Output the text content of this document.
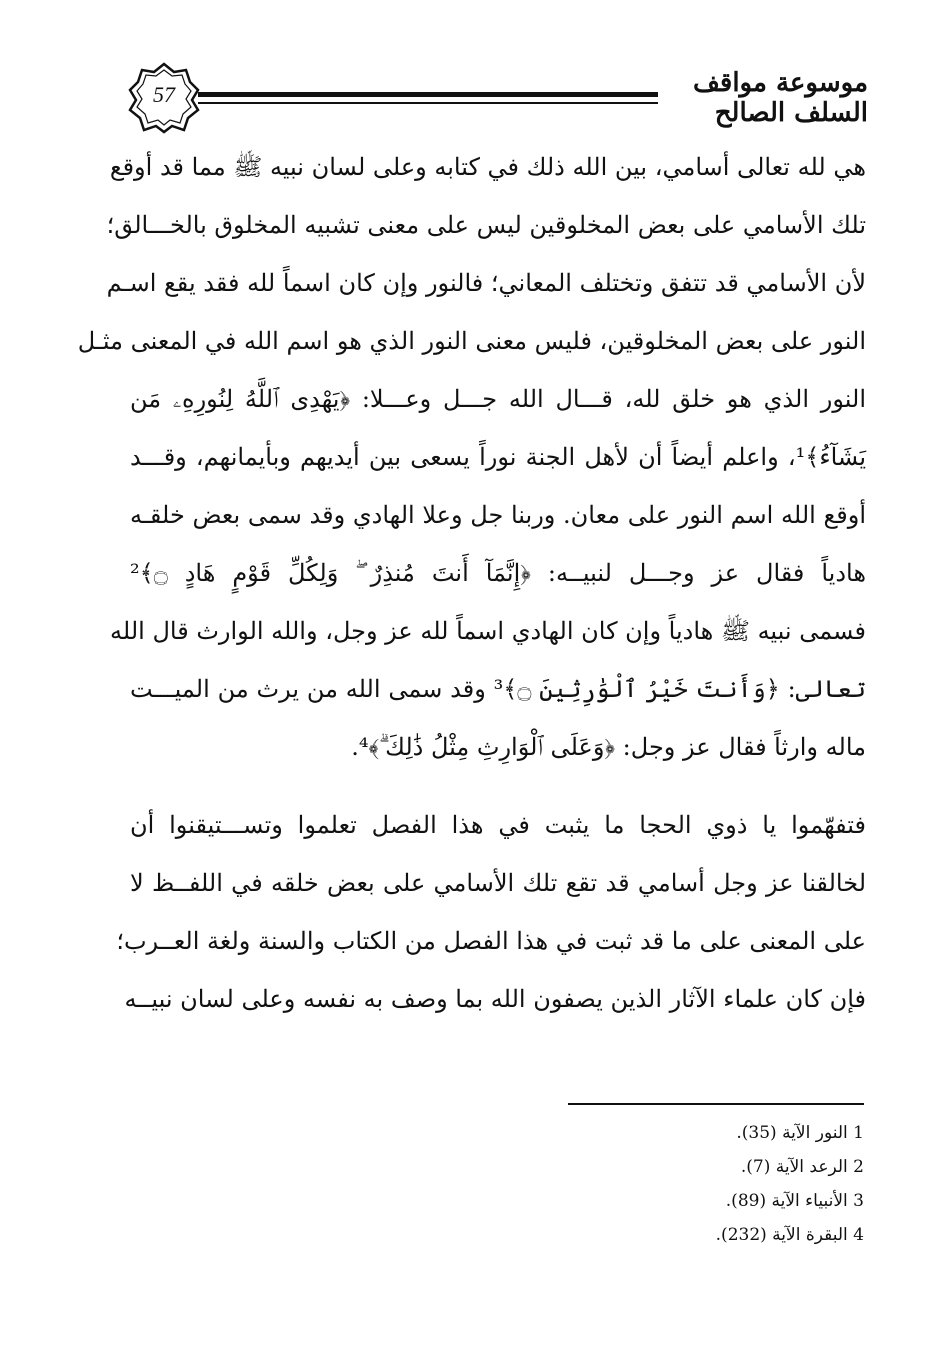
57	موسوعة مواقف السلف الصالح
هي لله تعالى أسامي، بين الله ذلك في كتابه وعلى لسان نبيه ﷺ مما قد أوقع
تلك الأسامي على بعض المخلوقين ليس على معنى تشبيه المخلوق بالخـــالق؛
لأن الأسامي قد تتفق وتختلف المعاني؛ فالنور وإن كان اسماً لله فقد يقع اسـم
النور على بعض المخلوقين، فليس معنى النور الذي هو اسم الله في المعنى مثـل
النور الذي هو خلق لله، قـــال الله جـــل وعـــلا: ﴿يَهْدِى ٱللَّهُ لِنُورِهِۦ مَن
يَشَآءُ﴾¹، واعلم أيضاً أن لأهل الجنة نوراً يسعى بين أيديهم وبأيمانهم، وقـــد
أوقع الله اسم النور على معان. وربنا جل وعلا الهادي وقد سمى بعض خلقـه
هادياً فقال عز وجـــل لنبيــه: ﴿إِنَّمَآ أَنتَ مُنذِرٌ ۖ وَلِكُلِّ قَوْمٍ هَادٍ ۝﴾²
فسمى نبيه ﷺ هادياً وإن كان الهادي اسماً لله عز وجل، والله الوارث قال الله
تعالى: ﴿وَأَنتَ خَيْرُ ٱلْوَٰرِثِينَ ۝﴾³ وقد سمى الله من يرث من الميـــت
ماله وارثاً فقال عز وجل: ﴿وَعَلَى ٱلْوَارِثِ مِثْلُ ذَٰلِكَ ۗ﴾⁴.
فتفهّموا يا ذوي الحجا ما يثبت في هذا الفصل تعلموا وتســـتيقنوا أن
لخالقنا عز وجل أسامي قد تقع تلك الأسامي على بعض خلقه في اللفــظ لا
على المعنى على ما قد ثبت في هذا الفصل من الكتاب والسنة ولغة العــرب؛
فإن كان علماء الآثار الذين يصفون الله بما وصف به نفسه وعلى لسان نبيــه
1 النور الآية (35).
2 الرعد الآية (7).
3 الأنبياء الآية (89).
4 البقرة الآية (232).
